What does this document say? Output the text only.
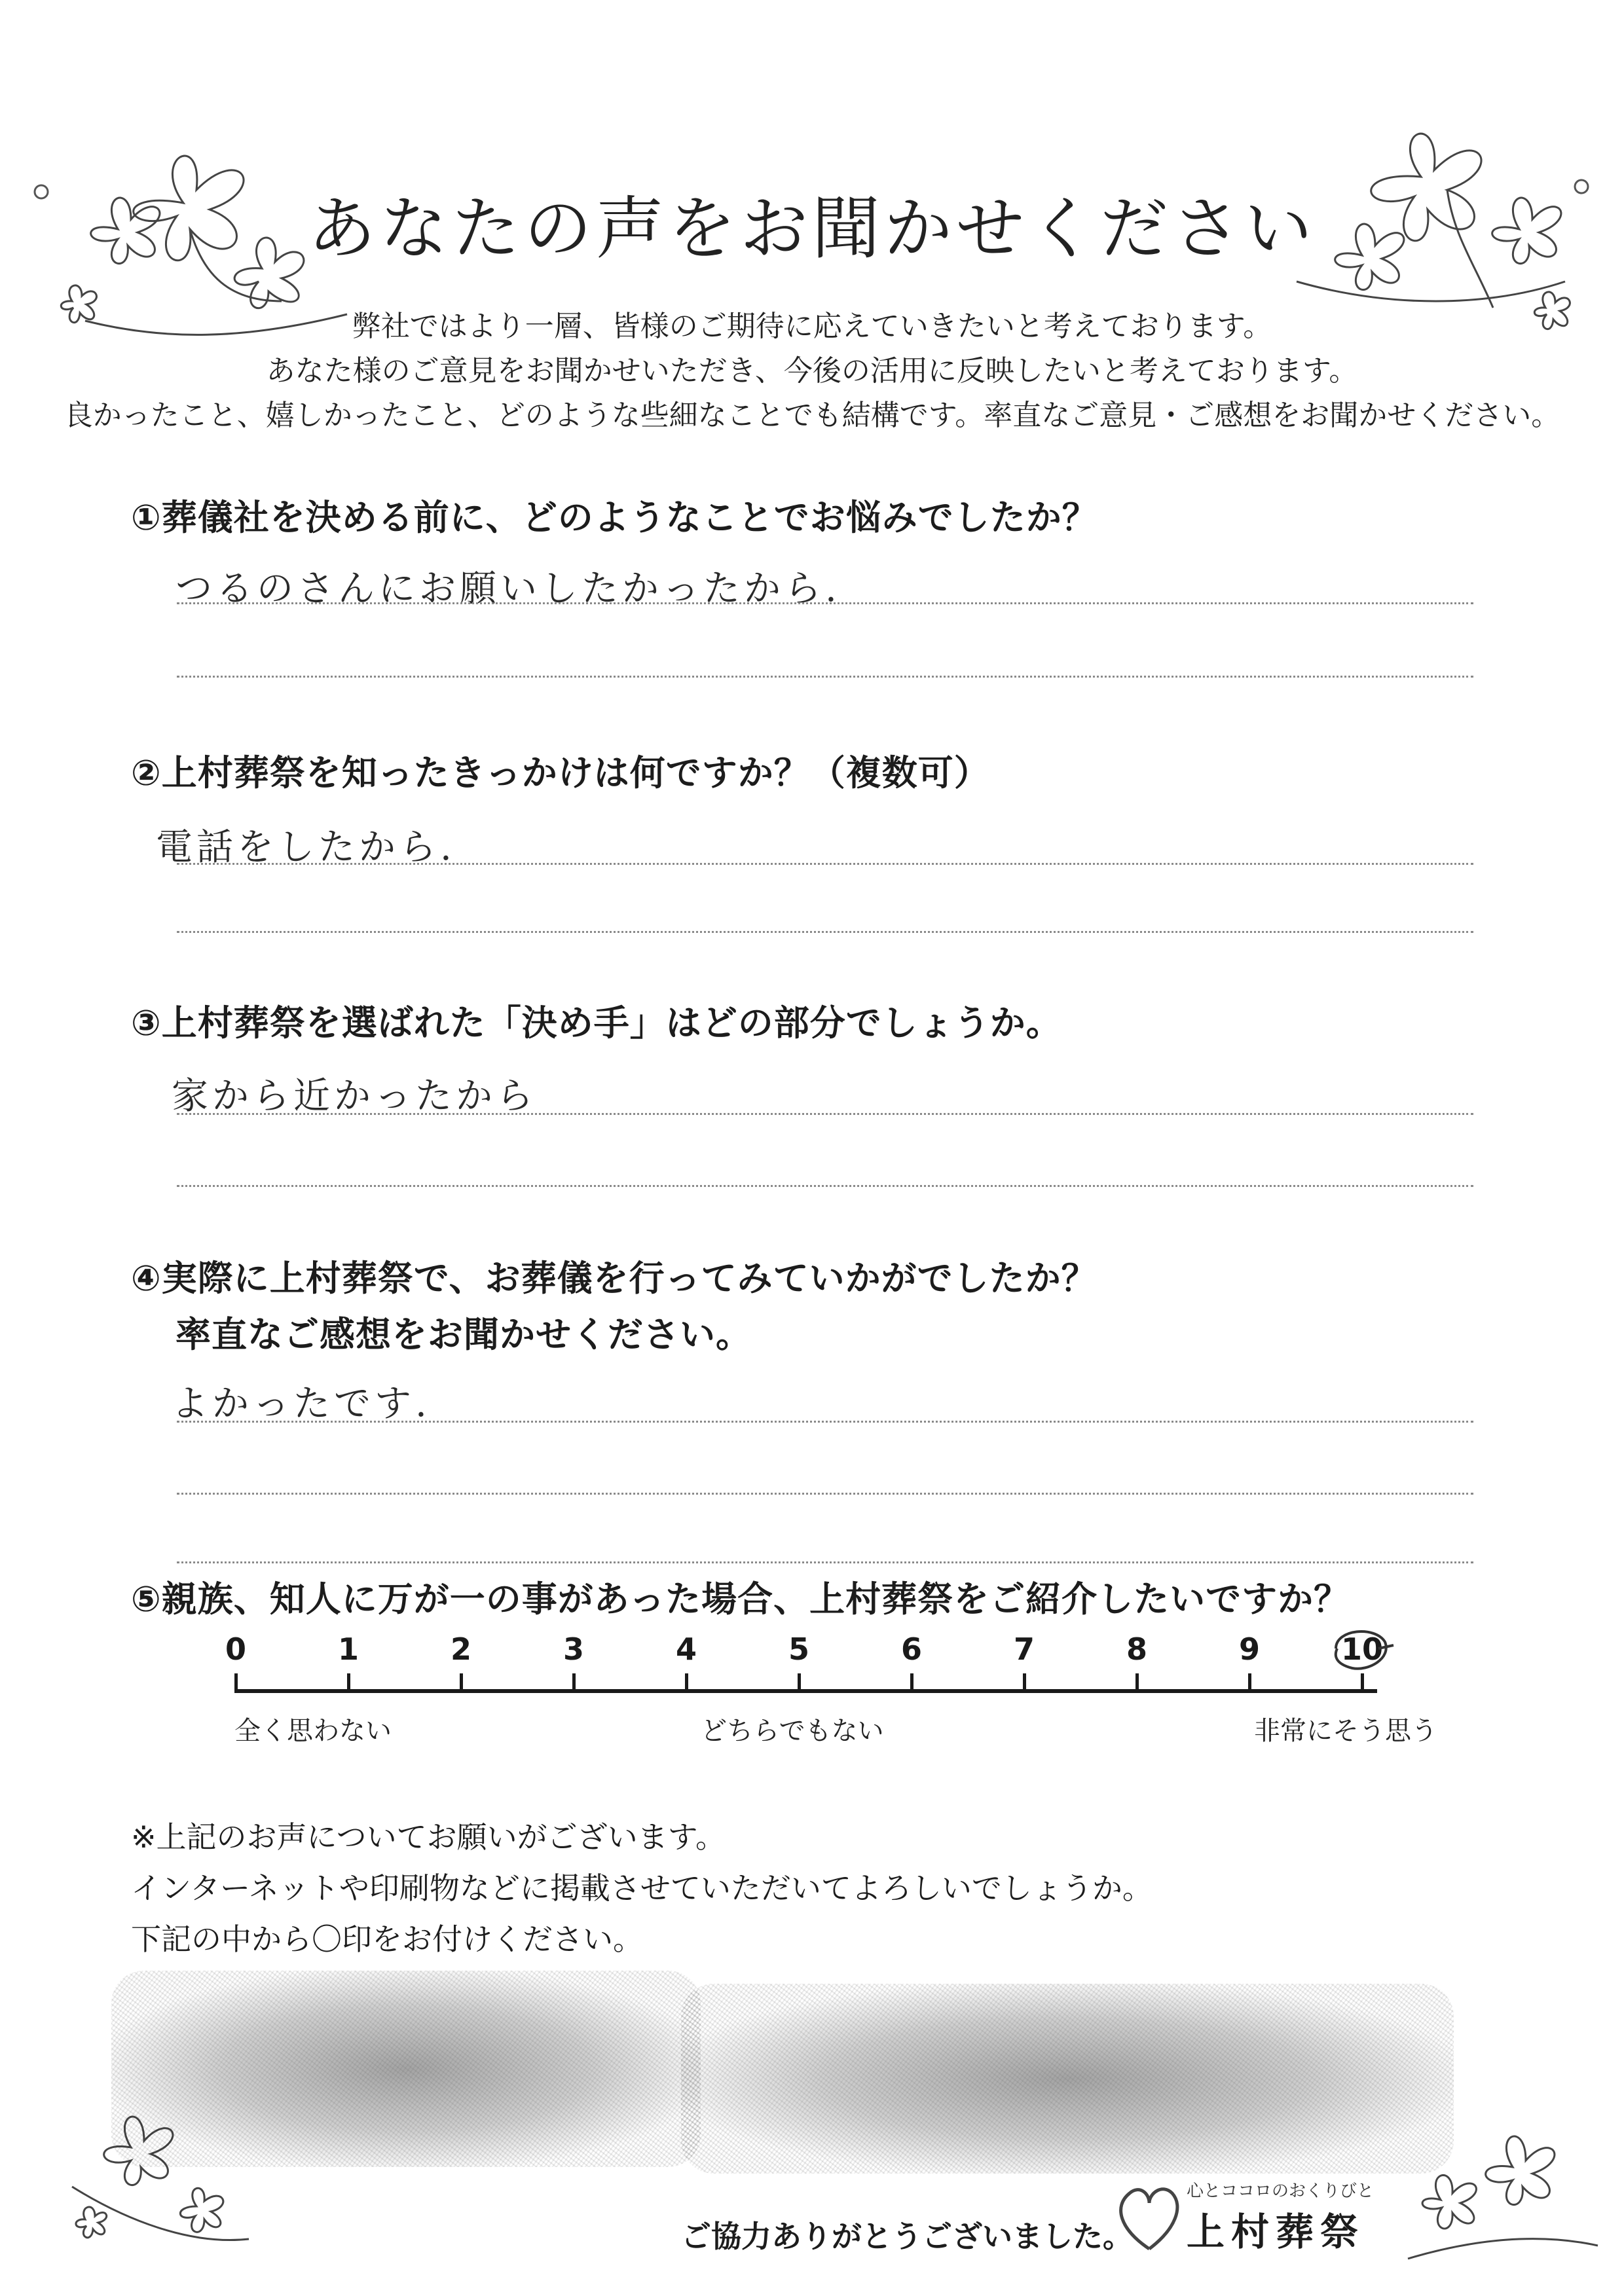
あなたの声をお聞かせください
弊社ではより一層、皆様のご期待に応えていきたいと考えております。
あなた様のご意見をお聞かせいただき、今後の活用に反映したいと考えております。
良かったこと、嬉しかったこと、どのような些細なことでも結構です。率直なご意見・ご感想をお聞かせください。
①葬儀社を決める前に、どのようなことでお悩みでしたか？
つるのさんにお願いしたかったから.
②上村葬祭を知ったきっかけは何ですか？（複数可）
電話をしたから.
③上村葬祭を選ばれた「決め手」はどの部分でしょうか。
家から近かったから
④実際に上村葬祭で、お葬儀を行ってみていかがでしたか？
率直なご感想をお聞かせください。
よかったです.
⑤親族、知人に万が一の事があった場合、上村葬祭をご紹介したいですか？
0	1	2	3	4	5	6	7	8	9	10
全く思わない	どちらでもない	非常にそう思う
※上記のお声についてお願いがございます。
インターネットや印刷物などに掲載させていただいてよろしいでしょうか。
下記の中から〇印をお付けください。
ご協力ありがとうございました。
心とココロのおくりびと
上村葬祭
